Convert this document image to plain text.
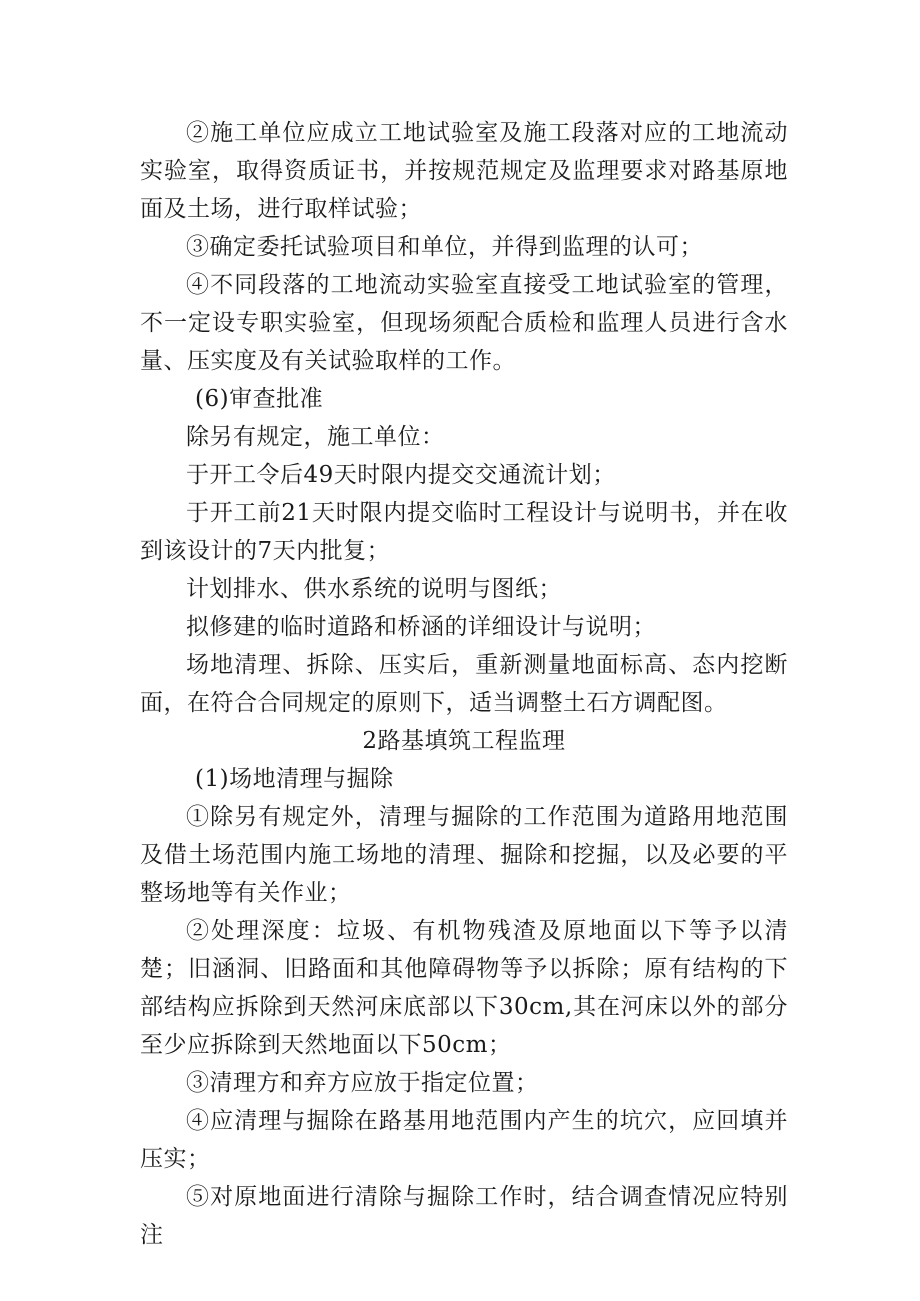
②施工单位应成立工地试验室及施工段落对应的工地流动实验室，取得资质证书，并按规范规定及监理要求对路基原地面及土场，进行取样试验；

③确定委托试验项目和单位，并得到监理的认可；

④不同段落的工地流动实验室直接受工地试验室的管理，不一定设专职实验室，但现场须配合质检和监理人员进行含水量、压实度及有关试验取样的工作。

(6)审查批准

除另有规定，施工单位：

于开工令后49天时限内提交交通流计划；

于开工前21天时限内提交临时工程设计与说明书，并在收到该设计的7天内批复；

计划排水、供水系统的说明与图纸；

拟修建的临时道路和桥涵的详细设计与说明；

场地清理、拆除、压实后，重新测量地面标高、态内挖断面，在符合合同规定的原则下，适当调整土石方调配图。

2路基填筑工程监理

(1)场地清理与掘除

①除另有规定外，清理与掘除的工作范围为道路用地范围及借土场范围内施工场地的清理、掘除和挖掘，以及必要的平整场地等有关作业；

②处理深度：垃圾、有机物残渣及原地面以下等予以清楚；旧涵洞、旧路面和其他障碍物等予以拆除；原有结构的下部结构应拆除到天然河床底部以下30cm,其在河床以外的部分至少应拆除到天然地面以下50cm；

③清理方和弃方应放于指定位置；

④应清理与掘除在路基用地范围内产生的坑穴，应回填并压实；

⑤对原地面进行清除与掘除工作时，结合调查情况应特别注
